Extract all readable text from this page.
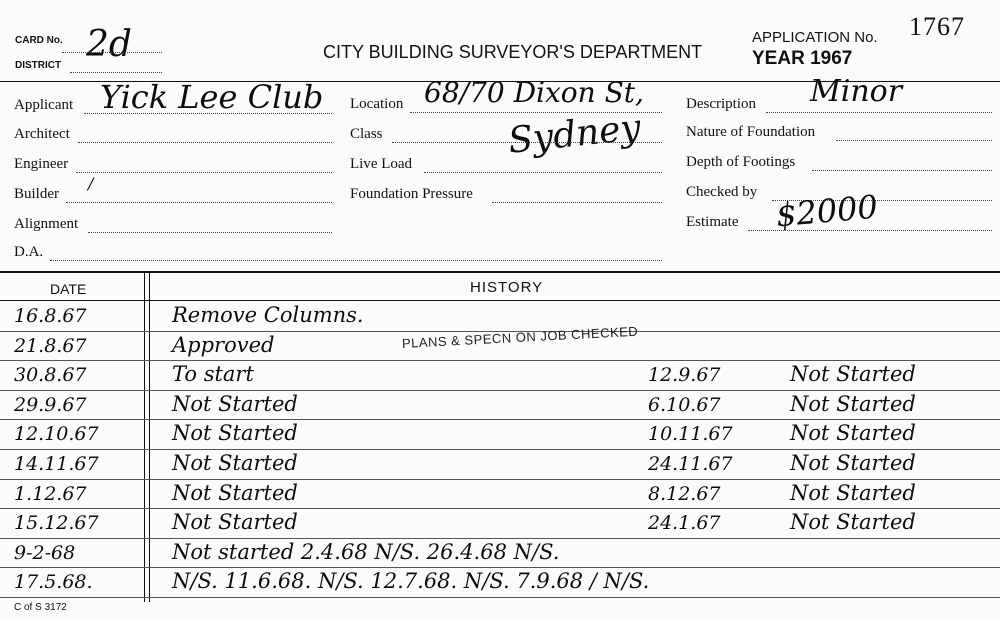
CARD No.
DISTRICT
2d	CITY BUILDING SURVEYOR'S DEPARTMENT
APPLICATION No. 1767
YEAR 1967
Applicant Yick Lee Club
Architect
Engineer
Builder
/
Alignment
D.A.
Location 68/70 Dixon St,
Sydney
Class
Live Load
Foundation Pressure
Description Minor
Nature of Foundation
Depth of Footings
Checked by
Estimate $2000
DATE	HISTORY
16.8.67	Remove Columns.
21.8.67	Approved
30.8.67	To start	12.9.67	Not Started
29.9.67	Not Started	6.10.67	Not Started
12.10.67	Not Started	10.11.67	Not Started
14.11.67	Not Started	24.11.67	Not Started
1.12.67	Not Started	8.12.67	Not Started
15.12.67	Not Started	24.1.67	Not Started
9-2-68	Not started 2.4.68 N/S. 26.4.68 N/S.
17.5.68.	N/S. 11.6.68. N/S. 12.7.68. N/S. 7.9.68 / N/S.
PLANS & SPECN ON JOB CHECKED
C of S 3172
